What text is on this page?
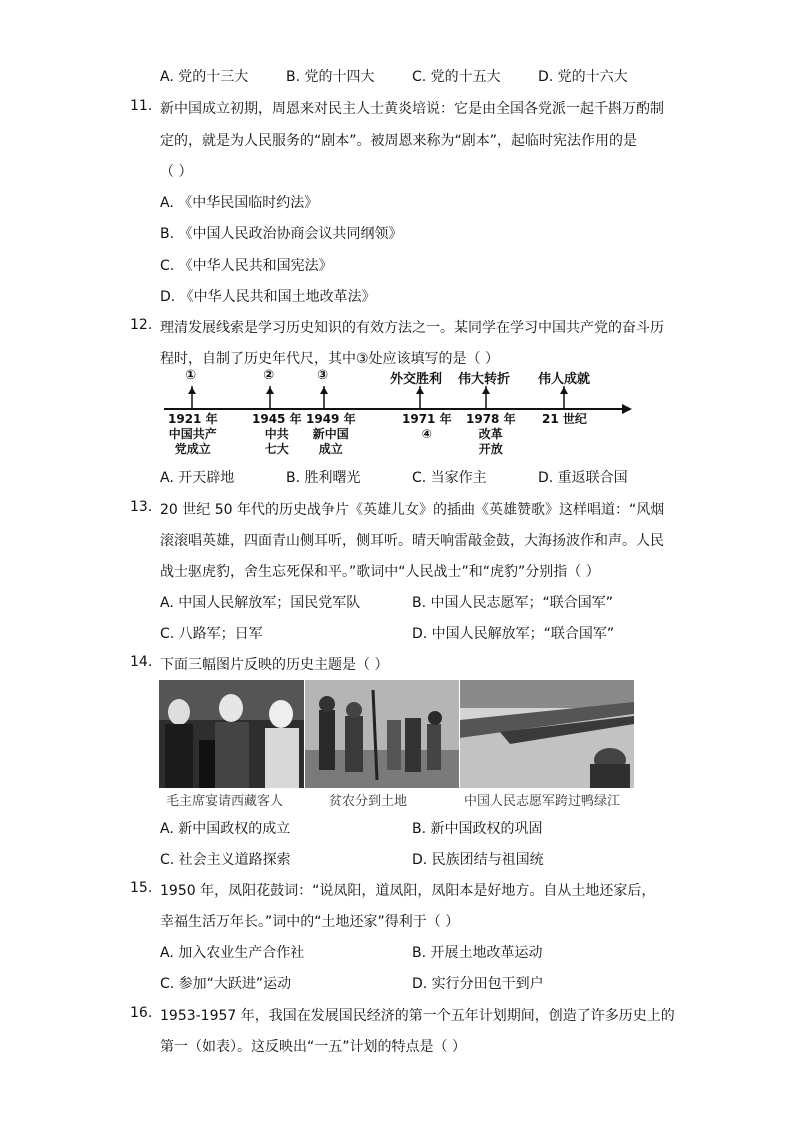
A. 党的十三大	B. 党的十四大	C. 党的十五大	D. 党的十六大
11. 新中国成立初期，周恩来对民主人士黄炎培说：它是由全国各党派一起千斟万酌制
定的，就是为人民服务的“剧本”。被周恩来称为“剧本”，起临时宪法作用的是
（ ）
A. 《中华民国临时约法》
B. 《中国人民政治协商会议共同纲领》
C. 《中华人民共和国宪法》
D. 《中华人民共和国土地改革法》
12. 理清发展线索是学习历史知识的有效方法之一。某同学在学习中国共产党的奋斗历
程时，自制了历史年代尺，其中③处应该填写的是（ ）
①	②	③	外交胜利 伟大转折 伟人成就
1921 年
中国共产
党成立
1945 年
中共
七大
1949 年
新中国
成立
1971 年
④
1978 年
改革
开放
21 世纪
A. 开天辟地	B. 胜利曙光	C. 当家作主	D. 重返联合国
13. 20 世纪 50 年代的历史战争片《英雄儿女》的插曲《英雄赞歌》这样唱道：“风烟
滚滚唱英雄，四面青山侧耳听，侧耳听。晴天响雷敲金鼓，大海扬波作和声。人民
战士驱虎豹，舍生忘死保和平。”歌词中“人民战士”和“虎豹”分别指（ ）
A. 中国人民解放军；国民党军队	B. 中国人民志愿军；“联合国军”
C. 八路军；日军	D. 中国人民解放军；“联合国军”
14. 下面三幅图片反映的历史主题是（ ）
毛主席宴请西藏客人	贫农分到土地	中国人民志愿军跨过鸭绿江
A. 新中国政权的成立	B. 新中国政权的巩固
C. 社会主义道路探索	D. 民族团结与祖国统
15. 1950 年，凤阳花鼓词：“说凤阳，道凤阳，凤阳本是好地方。自从土地还家后，
幸福生活万年长。”词中的“土地还家”得利于（ ）
A. 加入农业生产合作社	B. 开展土地改革运动
C. 参加“大跃进”运动	D. 实行分田包干到户
16. 1953-1957 年，我国在发展国民经济的第一个五年计划期间，创造了许多历史上的
第一（如表）。这反映出“一五”计划的特点是（ ）
